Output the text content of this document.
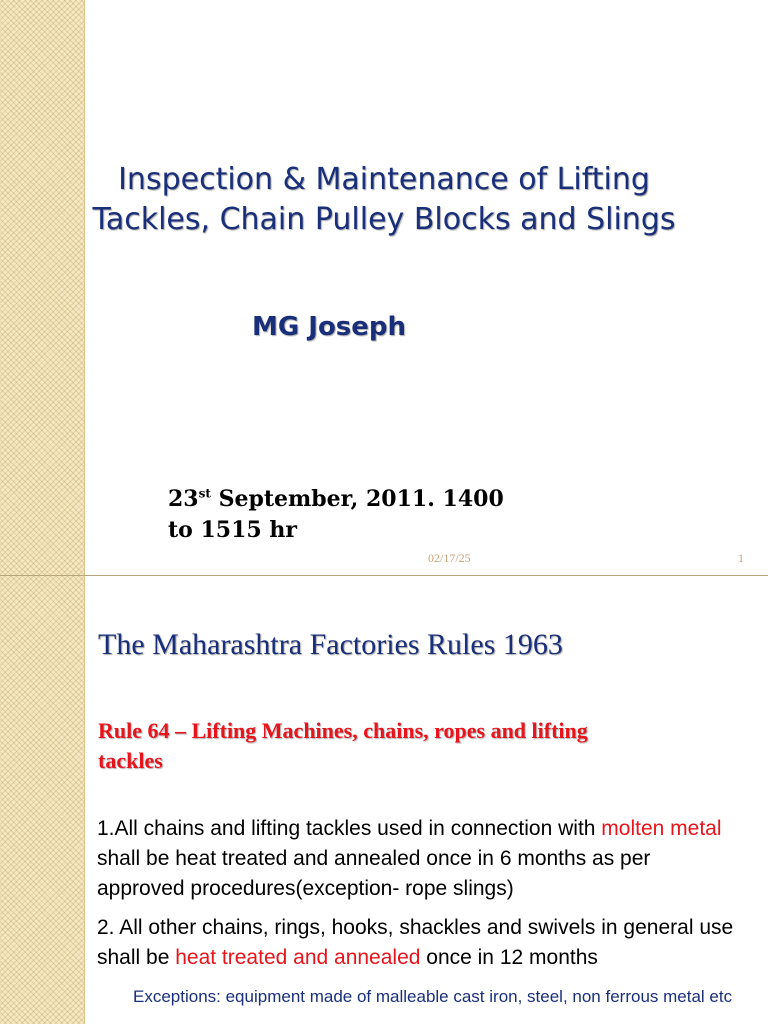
Inspection & Maintenance of Lifting
Tackles, Chain Pulley Blocks and Slings
MG Joseph
23st September, 2011. 1400
to 1515 hr
02/17/25	1
The Maharashtra Factories Rules 1963
Rule 64 – Lifting Machines, chains, ropes and lifting
tackles
1.All chains and lifting tackles used in connection with molten metal shall be heat treated and annealed once in 6 months as per approved procedures(exception- rope slings)
2. All other chains, rings, hooks, shackles and swivels in general use shall be heat treated and annealed once in 12 months
Exceptions: equipment made of malleable cast iron, steel, non ferrous metal etc
